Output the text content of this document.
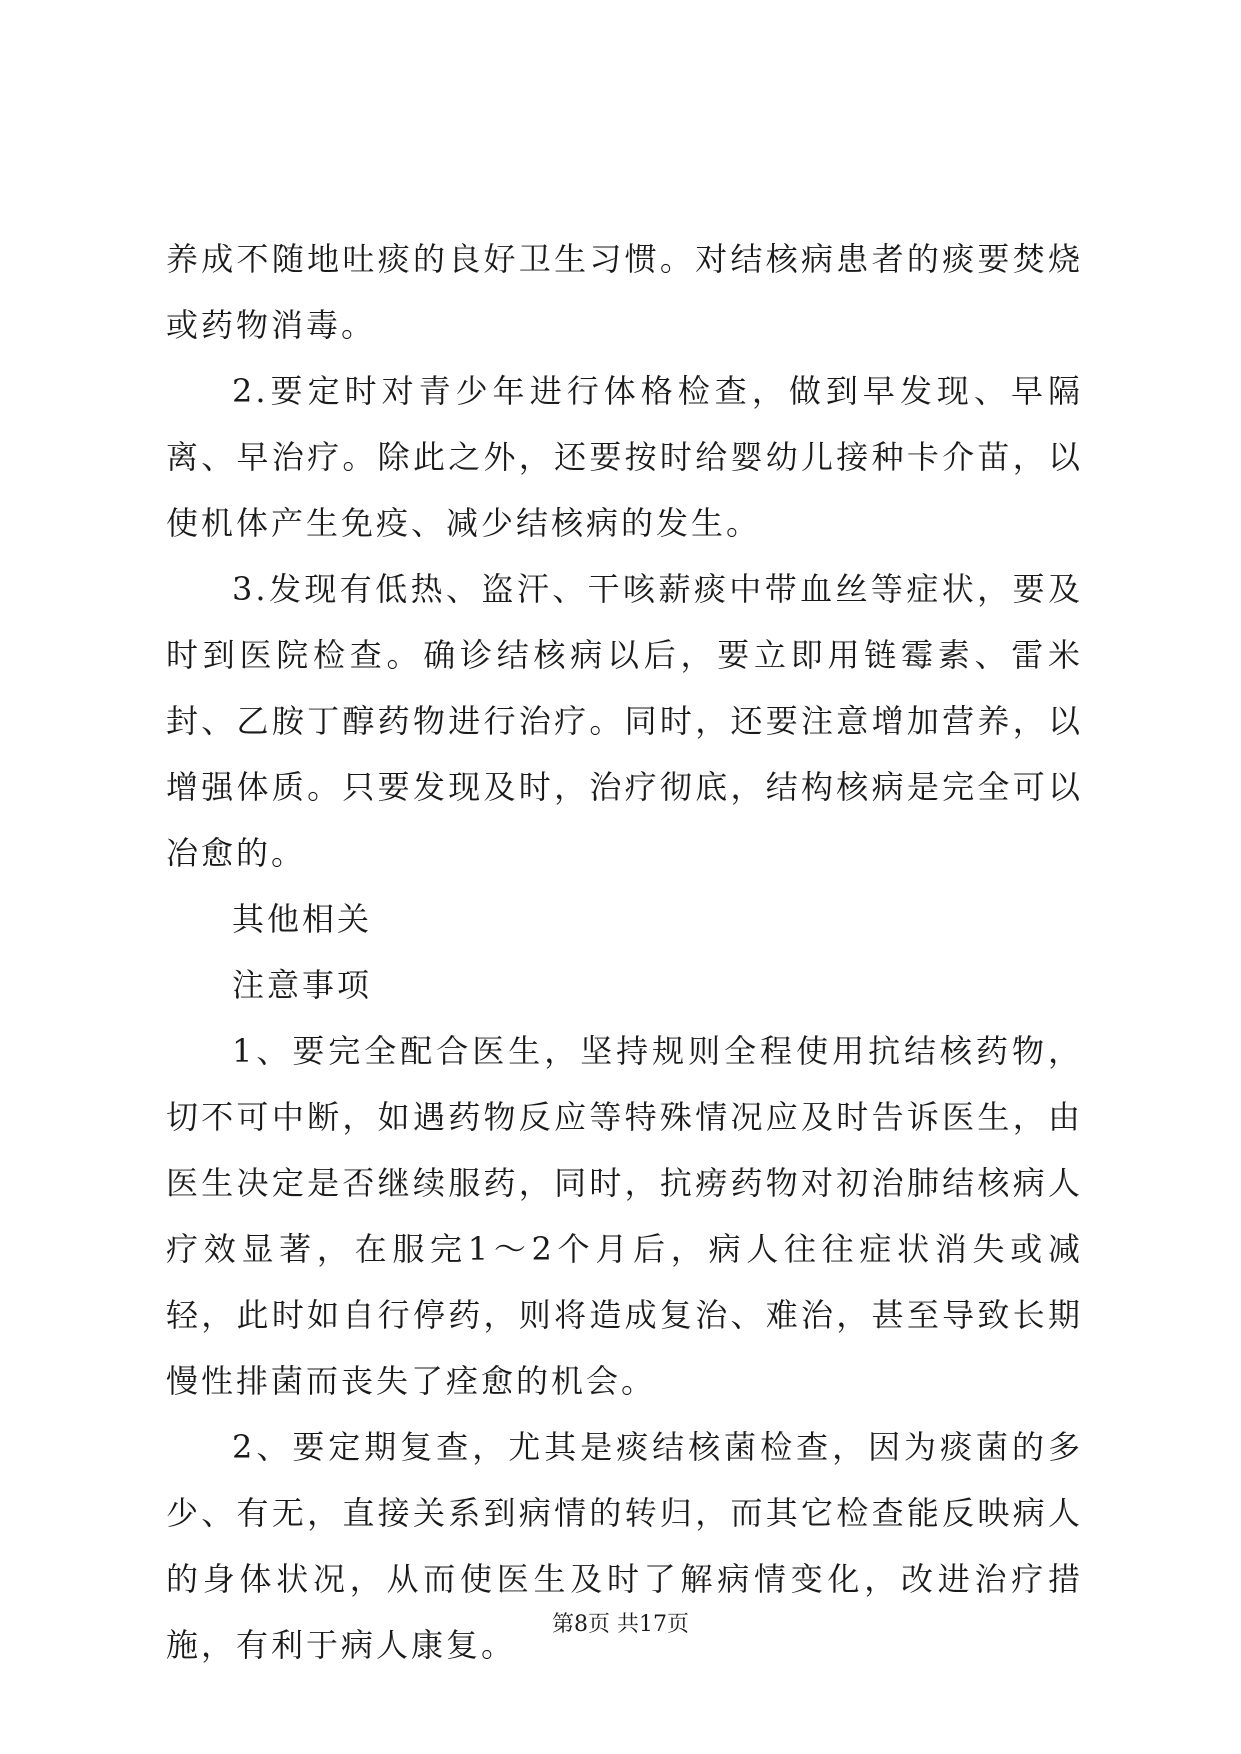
养成不随地吐痰的良好卫生习惯。对结核病患者的痰要焚烧或药物消毒。

2.要定时对青少年进行体格检查，做到早发现、早隔离、早治疗。除此之外，还要按时给婴幼儿接种卡介苗，以使机体产生免疫、减少结核病的发生。

3.发现有低热、盗汗、干咳薪痰中带血丝等症状，要及时到医院检查。确诊结核病以后，要立即用链霉素、雷米封、乙胺丁醇药物进行治疗。同时，还要注意增加营养，以增强体质。只要发现及时，治疗彻底，结构核病是完全可以冶愈的。

其他相关

注意事项

1、要完全配合医生，坚持规则全程使用抗结核药物，切不可中断，如遇药物反应等特殊情况应及时告诉医生，由医生决定是否继续服药，同时，抗痨药物对初治肺结核病人疗效显著，在服完1～2个月后，病人往往症状消失或减轻，此时如自行停药，则将造成复治、难治，甚至导致长期慢性排菌而丧失了痊愈的机会。

2、要定期复查，尤其是痰结核菌检查，因为痰菌的多少、有无，直接关系到病情的转归，而其它检查能反映病人的身体状况，从而使医生及时了解病情变化，改进治疗措施，有利于病人康复。

第8页 共17页
